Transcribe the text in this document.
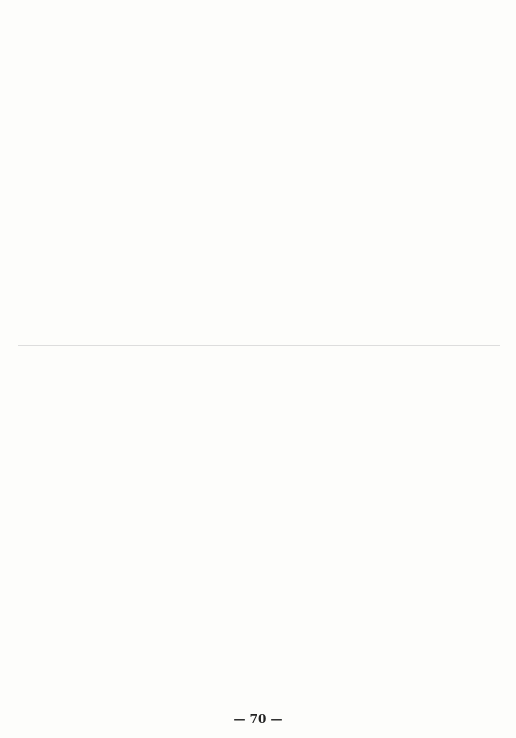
— 70 —
